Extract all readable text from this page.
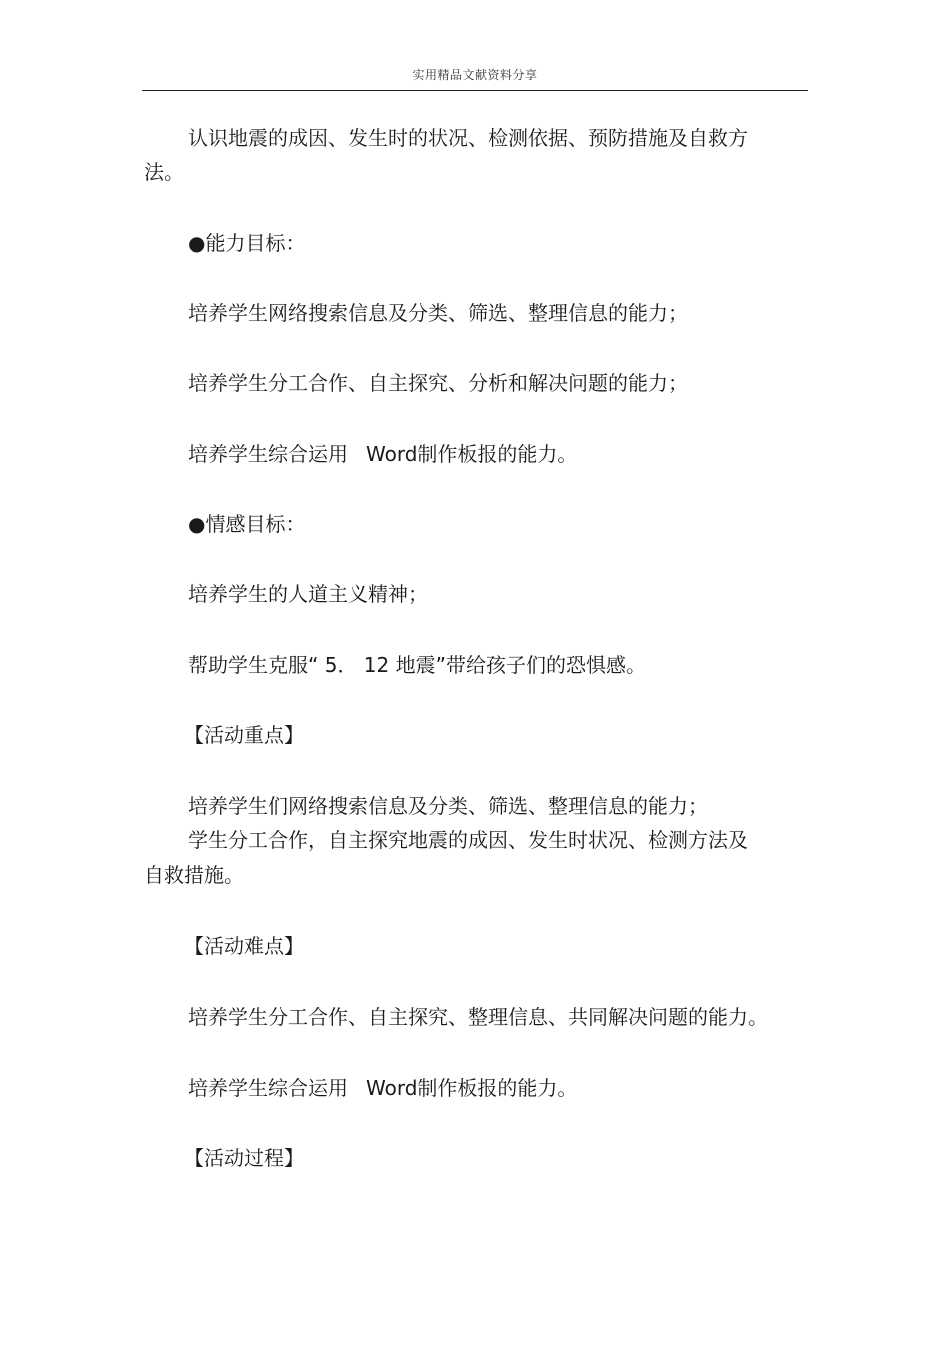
实用精品文献资料分享
认识地震的成因、发生时的状况、检测依据、预防措施及自救方
法。
●能力目标：
培养学生网络搜索信息及分类、筛选、整理信息的能力；
培养学生分工合作、自主探究、分析和解决问题的能力；
培养学生综合运用 Word制作板报的能力。
●情感目标：
培养学生的人道主义精神；
帮助学生克服“ 5． 12 地震”带给孩子们的恐惧感。
【活动重点】
培养学生们网络搜索信息及分类、筛选、整理信息的能力；
学生分工合作，自主探究地震的成因、发生时状况、检测方法及
自救措施。
【活动难点】
培养学生分工合作、自主探究、整理信息、共同解决问题的能力。
培养学生综合运用 Word制作板报的能力。
【活动过程】
